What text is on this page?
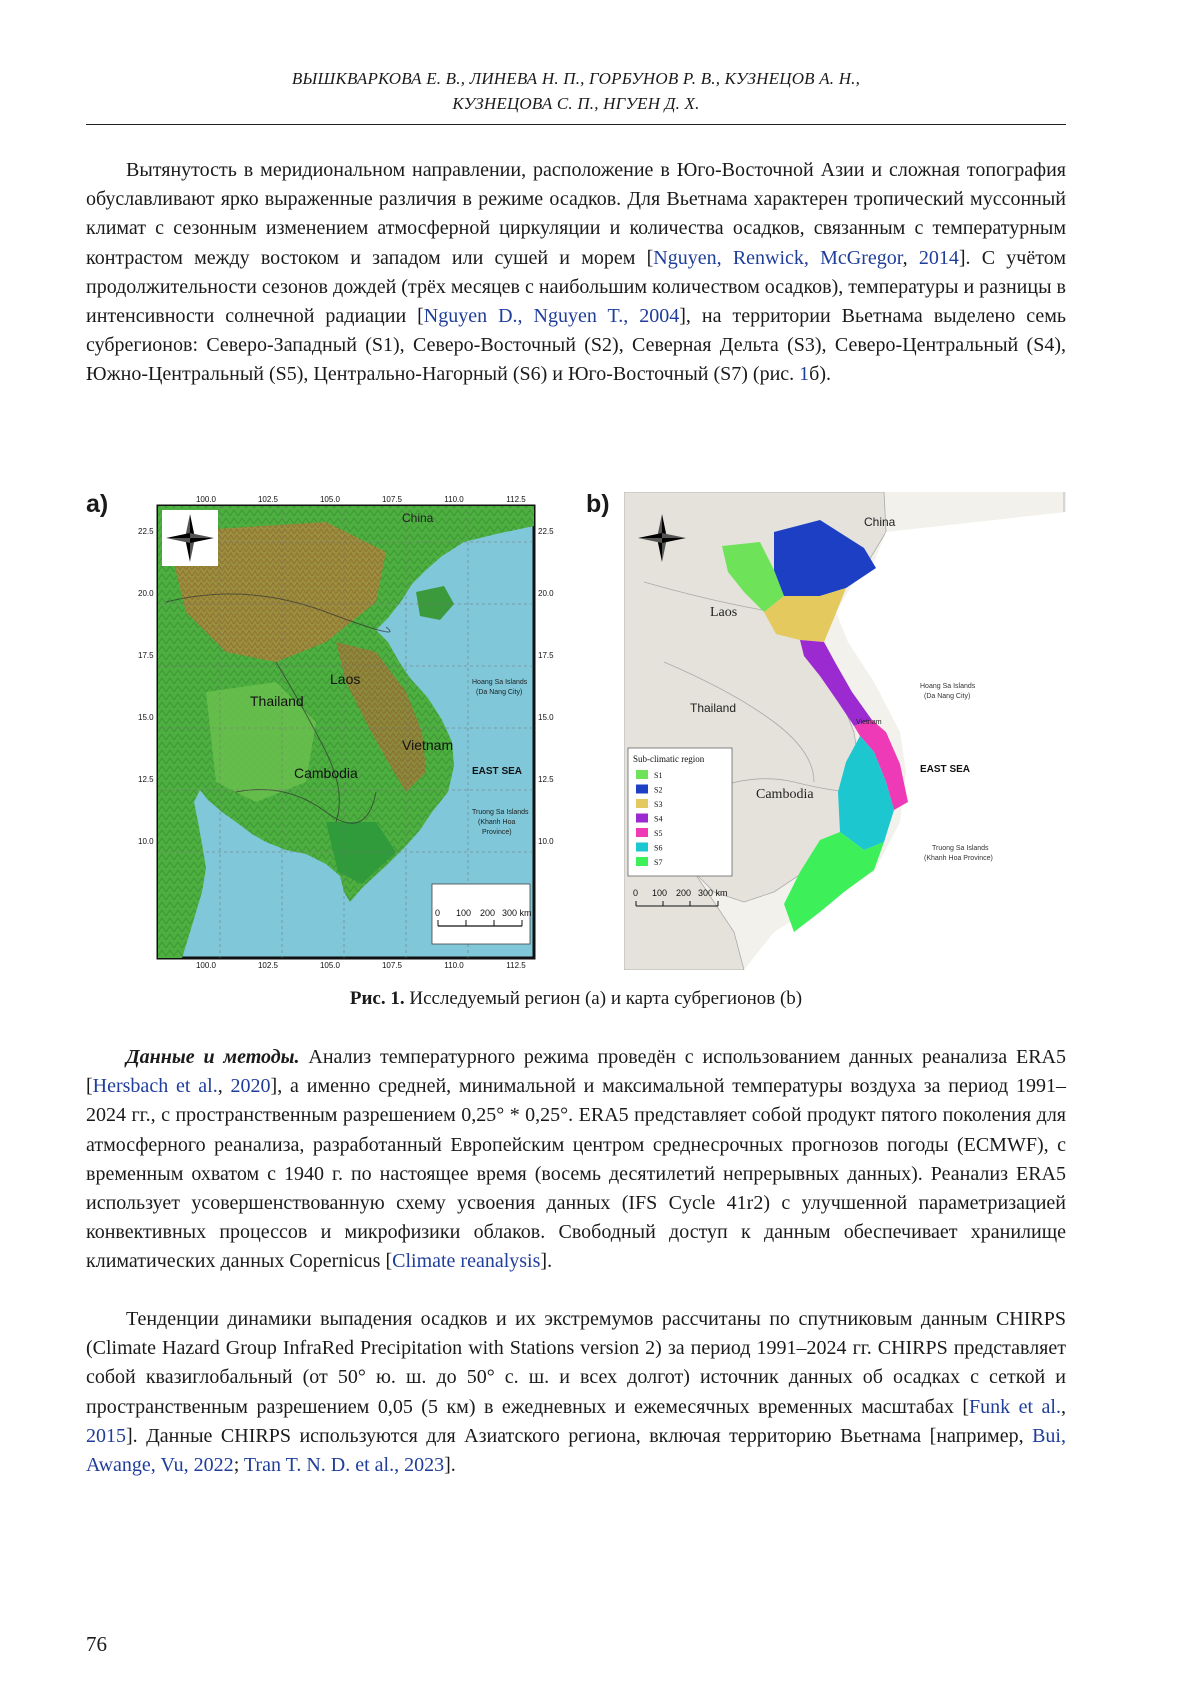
ВЫШКВАРКОВА Е. В., ЛИНЕВА Н. П., ГОРБУНОВ Р. В., КУЗНЕЦОВ А. Н.,
КУЗНЕЦОВА С. П., НГУЕН Д. Х.

Вытянутость в меридиональном направлении, расположение в Юго-Восточной Азии и сложная топография обуславливают ярко выраженные различия в режиме осадков. Для Вьетнама характерен тропический муссонный климат с сезонным изменением атмосферной циркуляции и количества осадков, связанным с температурным контрастом между востоком и западом или сушей и морем [Nguyen, Renwick, McGregor, 2014]. С учётом продолжительности сезонов дождей (трёх месяцев с наибольшим количеством осадков), температуры и разницы в интенсивности солнечной радиации [Nguyen D., Nguyen T., 2004], на территории Вьетнама выделено семь субрегионов: Северо-Западный (S1), Северо-Восточный (S2), Северная Дельта (S3), Северо-Центральный (S4), Южно-Центральный (S5), Центрально-Нагорный (S6) и Юго-Восточный (S7) (рис. 1б).

a)	b)
100.0	102.5	105.0	107.5	110.0	112.5
100.0	102.5	105.0	107.5	110.0	112.5
22.5
20.0
17.5
15.0
12.5
10.0
22.5
20.0
17.5
15.0
12.5
10.0
China
Laos
Thailand
Vietnam
Cambodia	EAST SEA
Hoang Sa Islands
(Da Nang City)
Truong Sa Islands
(Khanh Hoa
Province)
0 100 200 300 km
China
Laos
Thailand
Vietnam
Cambodia
EAST SEA
Hoang Sa Islands
(Da Nang City)
Truong Sa Islands
(Khanh Hoa Province)
Sub-climatic region
S1
S2
S3
S4
S5
S6
S7
0 100 200 300 km
Рис. 1. Исследуемый регион (a) и карта субрегионов (b)

Данные и методы. Анализ температурного режима проведён с использованием данных реанализа ERA5 [Hersbach et al., 2020], а именно средней, минимальной и максимальной температуры воздуха за период 1991–2024 гг., с пространственным разрешением 0,25° * 0,25°. ERA5 представляет собой продукт пятого поколения для атмосферного реанализа, разработанный Европейским центром среднесрочных прогнозов погоды (ECMWF), с временным охватом с 1940 г. по настоящее время (восемь десятилетий непрерывных данных). Реанализ ERA5 использует усовершенствованную схему усвоения данных (IFS Cycle 41r2) с улучшенной параметризацией конвективных процессов и микрофизики облаков. Свободный доступ к данным обеспечивает хранилище климатических данных Copernicus [Climate reanalysis].

Тенденции динамики выпадения осадков и их экстремумов рассчитаны по спутниковым данным CHIRPS (Climate Hazard Group InfraRed Precipitation with Stations version 2) за период 1991–2024 гг. CHIRPS представляет собой квазиглобальный (от 50° ю. ш. до 50° с. ш. и всех долгот) источник данных об осадках с сеткой и пространственным разрешением 0,05 (5 км) в ежедневных и ежемесячных временных масштабах [Funk et al., 2015]. Данные CHIRPS используются для Азиатского региона, включая территорию Вьетнама [например, Bui, Awange, Vu, 2022; Tran T. N. D. et al., 2023].

76
